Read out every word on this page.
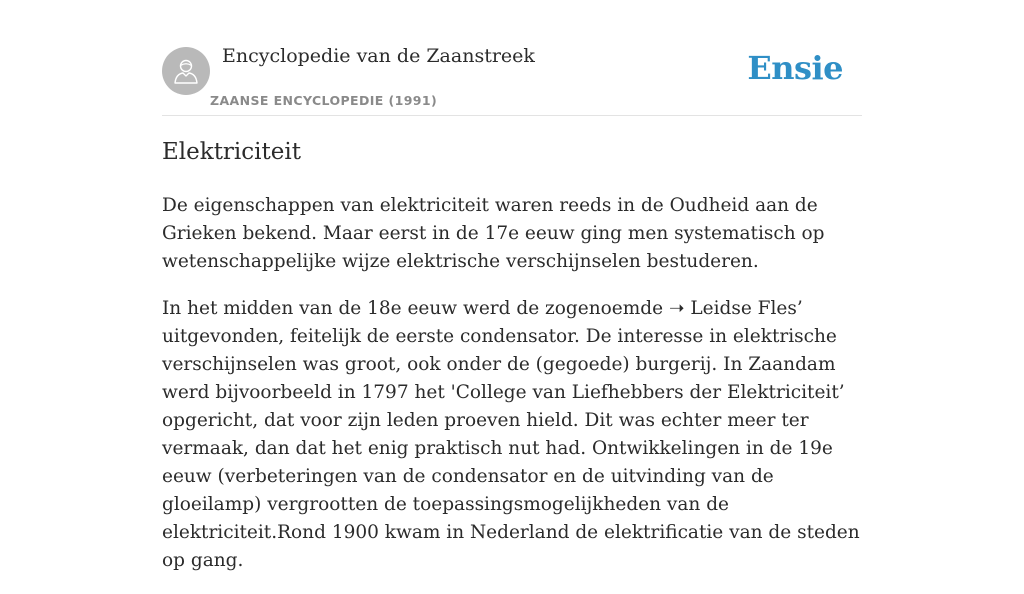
Encyclopedie van de Zaanstreek
ZAANSE ENCYCLOPEDIE (1991)
Ensie
Elektriciteit

De eigenschappen van elektriciteit waren reeds in de Oudheid aan de Grieken bekend. Maar eerst in de 17e eeuw ging men systematisch op wetenschappelijke wijze elektrische verschijnselen bestuderen.

In het midden van de 18e eeuw werd de zogenoemde ➝ Leidse Fles’ uitgevonden, feitelijk de eerste condensator. De interesse in elektrische verschijnselen was groot, ook onder de (gegoede) burgerij. In Zaandam werd bijvoorbeeld in 1797 het 'College van Liefhebbers der Elektriciteit’ opgericht, dat voor zijn leden proeven hield. Dit was echter meer ter vermaak, dan dat het enig praktisch nut had. Ontwikkelingen in de 19e eeuw (verbeteringen van de condensator en de uitvinding van de gloeilamp) vergrootten de toepassingsmogelijkheden van de elektriciteit.Rond 1900 kwam in Nederland de elektrificatie van de steden op gang.
